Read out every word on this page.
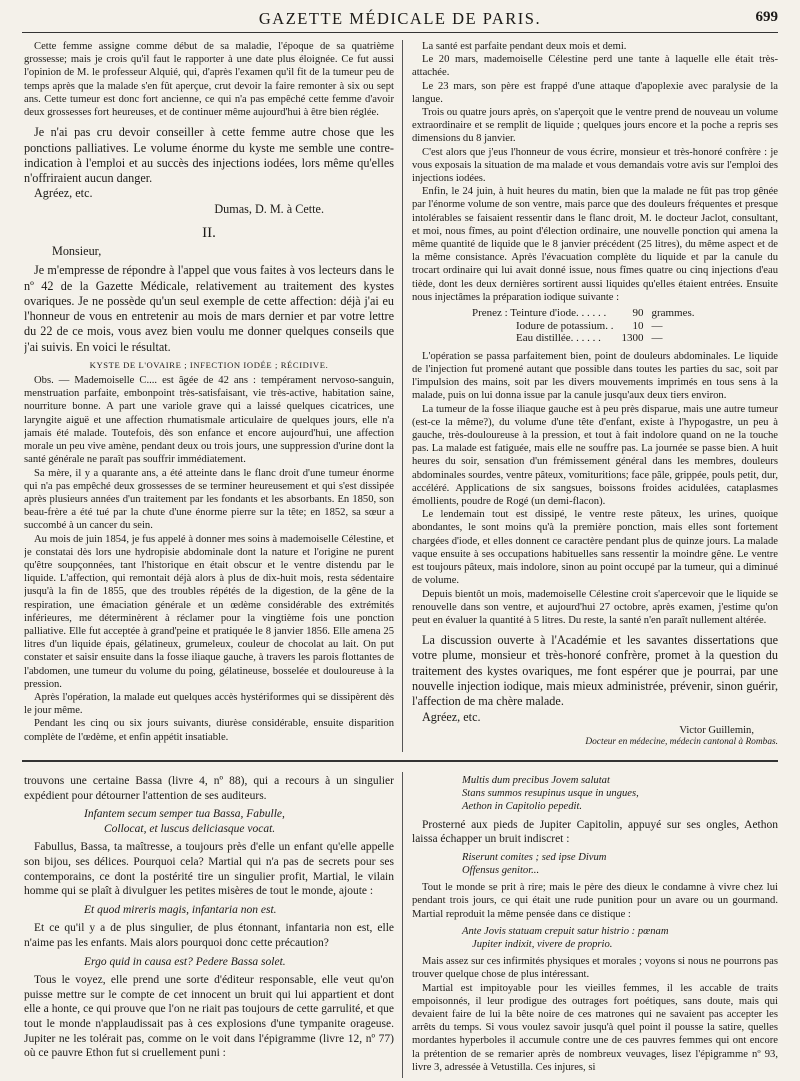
GAZETTE MÉDICALE DE PARIS.	699

Cette femme assigne comme début de sa maladie, l'époque de sa quatrième grossesse; mais je crois qu'il faut le rapporter à une date plus éloignée. Ce fut aussi l'opinion de M. le professeur Alquié, qui, d'après l'examen qu'il fit de la tumeur peu de temps après que la malade s'en fût aperçue, crut devoir la faire remonter à six ou sept ans. Cette tumeur est donc fort ancienne, ce qui n'a pas empêché cette femme d'avoir deux grossesses fort heureuses, et de continuer même aujourd'hui à être bien réglée.

Je n'ai pas cru devoir conseiller à cette femme autre chose que les ponctions palliatives. Le volume énorme du kyste me semble une contre-indication à l'emploi et au succès des injections iodées, lors même qu'elles n'offriraient aucun danger.

Agréez, etc.

Dumas, D. M. à Cette.

II.

Monsieur,

Je m'empresse de répondre à l'appel que vous faites à vos lecteurs dans le nº 42 de la Gazette Médicale, relativement au traitement des kystes ovariques. Je ne possède qu'un seul exemple de cette affection: déjà j'ai eu l'honneur de vous en entretenir au mois de mars dernier et par votre lettre du 22 de ce mois, vous avez bien voulu me donner quelques conseils que j'ai suivis. En voici le résultat.

KYSTE DE L'OVAIRE ; INFECTION IODÉE ; RÉCIDIVE.

Obs. — Mademoiselle C.... est âgée de 42 ans : tempérament nervoso-sanguin, menstruation parfaite, embonpoint très-satisfaisant, vie très-active, habitation saine, nourriture bonne. A part une variole grave qui a laissé quelques cicatrices, une laryngite aiguë et une affection rhumatismale articulaire de quelques jours, elle n'a jamais été malade. Toutefois, dès son enfance et encore aujourd'hui, une affection morale un peu vive amène, pendant deux ou trois jours, une suppression d'urine dont la santé générale ne paraît pas souffrir immédiatement.

Sa mère, il y a quarante ans, a été atteinte dans le flanc droit d'une tumeur énorme qui n'a pas empêché deux grossesses de se terminer heureusement et qui s'est dissipée après plusieurs années d'un traitement par les fondants et les absorbants. En 1850, son beau-frère a été tué par la chute d'une énorme pierre sur la tête; en 1852, sa sœur a succombé à un cancer du sein.

Au mois de juin 1854, je fus appelé à donner mes soins à mademoiselle Célestine, et je constatai dès lors une hydropisie abdominale dont la nature et l'origine ne purent qu'être soupçonnées, tant l'historique en était obscur et le ventre distendu par le liquide. L'affection, qui remontait déjà alors à plus de dix-huit mois, resta sédentaire jusqu'à la fin de 1855, que des troubles répétés de la digestion, de la gêne de la respiration, une émaciation générale et un œdème considérable des extrémités inférieures, me déterminèrent à réclamer pour la vingtième fois une ponction palliative. Elle fut acceptée à grand'peine et pratiquée le 8 janvier 1856. Elle amena 25 litres d'un liquide épais, gélatineux, grumeleux, couleur de chocolat au lait. On put constater et saisir ensuite dans la fosse iliaque gauche, à travers les parois flottantes de l'abdomen, une tumeur du volume du poing, gélatineuse, bosselée et douloureuse à la pression.

Après l'opération, la malade eut quelques accès hystériformes qui se dissipèrent dès le jour même.

Pendant les cinq ou six jours suivants, diurèse considérable, ensuite disparition complète de l'œdème, et enfin appétit insatiable.

La santé est parfaite pendant deux mois et demi.

Le 20 mars, mademoiselle Célestine perd une tante à laquelle elle était très-attachée.

Le 23 mars, son père est frappé d'une attaque d'apoplexie avec paralysie de la langue.

Trois ou quatre jours après, on s'aperçoit que le ventre prend de nouveau un volume extraordinaire et se remplit de liquide ; quelques jours encore et la poche a repris ses dimensions du 8 janvier.

C'est alors que j'eus l'honneur de vous écrire, monsieur et très-honoré confrère : je vous exposais la situation de ma malade et vous demandais votre avis sur l'emploi des injections iodées.

Enfin, le 24 juin, à huit heures du matin, bien que la malade ne fût pas trop gênée par l'énorme volume de son ventre, mais parce que des douleurs fréquentes et presque intolérables se faisaient ressentir dans le flanc droit, M. le docteur Jaclot, consultant, et moi, nous fîmes, au point d'élection ordinaire, une nouvelle ponction qui amena la même quantité de liquide que le 8 janvier précédent (25 litres), du même aspect et de la même consistance. Après l'évacuation complète du liquide et par la canule du trocart ordinaire qui lui avait donné issue, nous fîmes quatre ou cinq injections d'eau tiède, dont les deux dernières sortirent aussi liquides qu'elles étaient entrées. Ensuite nous injectâmes la préparation iodique suivante :

Prenez : Teinture d'iode. . . . . .	90	grammes.
Iodure de potassium. .	10	—
Eau distillée. . . . . .	1300	—

L'opération se passa parfaitement bien, point de douleurs abdominales. Le liquide de l'injection fut promené autant que possible dans toutes les parties du sac, soit par l'impulsion des mains, soit par les divers mouvements imprimés en tous sens à la malade, puis on lui donna issue par la canule jusqu'aux deux tiers environ.

La tumeur de la fosse iliaque gauche est à peu près disparue, mais une autre tumeur (est-ce la même?), du volume d'une tête d'enfant, existe à l'hypogastre, un peu à gauche, très-douloureuse à la pression, et tout à fait indolore quand on ne la touche pas. La malade est fatiguée, mais elle ne souffre pas. La journée se passe bien. A huit heures du soir, sensation d'un frémissement général dans les membres, douleurs abdominales sourdes, ventre pâteux, vomituritions; face pâle, grippée, pouls petit, dur, accéléré. Applications de six sangsues, boissons froides acidulées, cataplasmes émollients, poudre de Rogé (un demi-flacon).

Le lendemain tout est dissipé, le ventre reste pâteux, les urines, quoique abondantes, le sont moins qu'à la première ponction, mais elles sont fortement chargées d'iode, et elles donnent ce caractère pendant plus de quinze jours. La malade vaque ensuite à ses occupations habituelles sans ressentir la moindre gêne. Le ventre est toujours pâteux, mais indolore, sinon au point occupé par la tumeur, qui a diminué de volume.

Depuis bientôt un mois, mademoiselle Célestine croit s'apercevoir que le liquide se renouvelle dans son ventre, et aujourd'hui 27 octobre, après examen, j'estime qu'on peut en évaluer la quantité à 5 litres. Du reste, la santé n'en paraît nullement altérée.

La discussion ouverte à l'Académie et les savantes dissertations que votre plume, monsieur et très-honoré confrère, promet à la question du traitement des kystes ovariques, me font espérer que je pourrai, par une nouvelle injection iodique, mais mieux administrée, prévenir, sinon guérir, l'affection de ma chère malade.

Agréez, etc.

Victor Guillemin,

Docteur en médecine, médecin cantonal à Rombas.

trouvons une certaine Bassa (livre 4, nº 88), qui a recours à un singulier expédient pour détourner l'attention de ses auditeurs.

Infantem secum semper tua Bassa, Fabulle,

Collocat, et luscus deliciasque vocat.

Fabullus, Bassa, ta maîtresse, a toujours près d'elle un enfant qu'elle appelle son bijou, ses délices. Pourquoi cela? Martial qui n'a pas de secrets pour ses contemporains, ce dont la postérité tire un singulier profit, Martial, le vilain homme qui se plaît à divulguer les petites misères de tout le monde, ajoute :

Et quod mireris magis, infantaria non est.

Et ce qu'il y a de plus singulier, de plus étonnant, infantaria non est, elle n'aime pas les enfants. Mais alors pourquoi donc cette précaution?

Ergo quid in causa est? Pedere Bassa solet.

Tous le voyez, elle prend une sorte d'éditeur responsable, elle veut qu'on puisse mettre sur le compte de cet innocent un bruit qui lui appartient et dont elle a honte, ce qui prouve que l'on ne riait pas toujours de cette garrulité, et que tout le monde n'applaudissait pas à ces explosions d'une tympanite orageuse. Jupiter ne les tolérait pas, comme on le voit dans l'épigramme (livre 12, nº 77) où ce pauvre Ethon fut si cruellement puni :

Multis dum precibus Jovem salutat

Stans summos resupinus usque in ungues,

Aethon in Capitolio pepedit.

Prosterné aux pieds de Jupiter Capitolin, appuyé sur ses ongles, Aethon laissa échapper un bruit indiscret :

Riserunt comites ; sed ipse Divum

Offensus genitor...

Tout le monde se prit à rire; mais le père des dieux le condamne à vivre chez lui pendant trois jours, ce qui était une rude punition pour un avare ou un gourmand. Martial reproduit la même pensée dans ce distique :

Ante Jovis statuam crepuit satur histrio : pœnam

Jupiter indixit, vivere de proprio.

Mais assez sur ces infirmités physiques et morales ; voyons si nous ne pourrons pas trouver quelque chose de plus intéressant.

Martial est impitoyable pour les vieilles femmes, il les accable de traits empoisonnés, il leur prodigue des outrages fort poétiques, sans doute, mais qui devaient faire de lui la bête noire de ces matrones qui ne savaient pas accepter les arrêts du temps. Si vous voulez savoir jusqu'à quel point il pousse la satire, quelles mordantes hyperboles il accumule contre une de ces pauvres femmes qui ont encore la prétention de se remarier après de nombreux veuvages, lisez l'épigramme nº 93, livre 3, adressée à Vetustilla. Ces injures, si
